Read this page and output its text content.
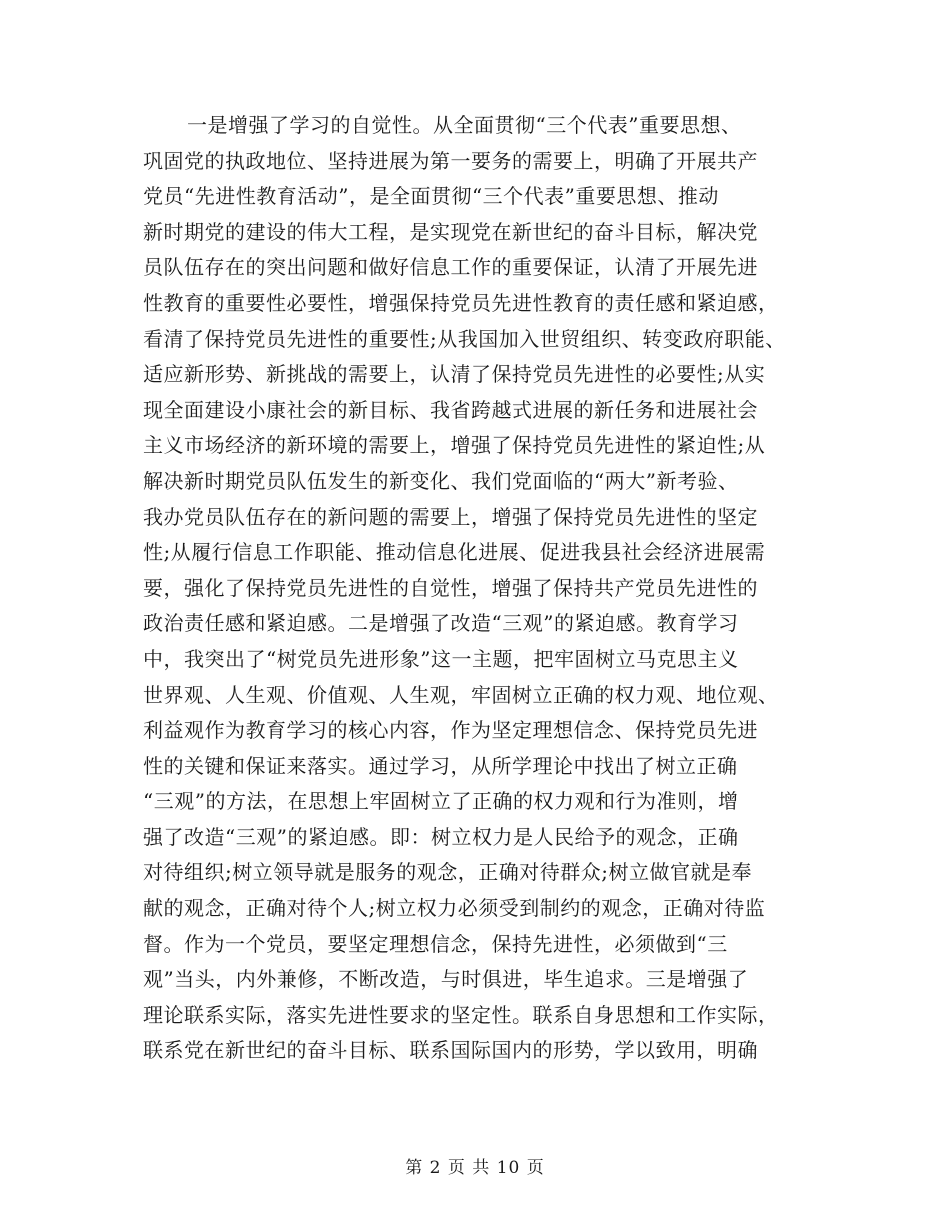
一是增强了学习的自觉性。从全面贯彻“三个代表”重要思想、
巩固党的执政地位、坚持进展为第一要务的需要上，明确了开展共产
党员“先进性教育活动”，是全面贯彻“三个代表”重要思想、推动
新时期党的建设的伟大工程，是实现党在新世纪的奋斗目标，解决党
员队伍存在的突出问题和做好信息工作的重要保证，认清了开展先进
性教育的重要性必要性，增强保持党员先进性教育的责任感和紧迫感，
看清了保持党员先进性的重要性;从我国加入世贸组织、转变政府职能、
适应新形势、新挑战的需要上，认清了保持党员先进性的必要性;从实
现全面建设小康社会的新目标、我省跨越式进展的新任务和进展社会
主义市场经济的新环境的需要上，增强了保持党员先进性的紧迫性;从
解决新时期党员队伍发生的新变化、我们党面临的“两大”新考验、
我办党员队伍存在的新问题的需要上，增强了保持党员先进性的坚定
性;从履行信息工作职能、推动信息化进展、促进我县社会经济进展需
要，强化了保持党员先进性的自觉性，增强了保持共产党员先进性的
政治责任感和紧迫感。二是增强了改造“三观”的紧迫感。教育学习
中，我突出了“树党员先进形象”这一主题，把牢固树立马克思主义
世界观、人生观、价值观、人生观，牢固树立正确的权力观、地位观、
利益观作为教育学习的核心内容，作为坚定理想信念、保持党员先进
性的关键和保证来落实。通过学习，从所学理论中找出了树立正确
“三观”的方法，在思想上牢固树立了正确的权力观和行为准则，增
强了改造“三观”的紧迫感。即：树立权力是人民给予的观念，正确
对待组织;树立领导就是服务的观念，正确对待群众;树立做官就是奉
献的观念，正确对待个人;树立权力必须受到制约的观念，正确对待监
督。作为一个党员，要坚定理想信念，保持先进性，必须做到“三
观”当头，内外兼修，不断改造，与时俱进，毕生追求。三是增强了
理论联系实际，落实先进性要求的坚定性。联系自身思想和工作实际，
联系党在新世纪的奋斗目标、联系国际国内的形势，学以致用，明确
第 2 页 共 10 页
